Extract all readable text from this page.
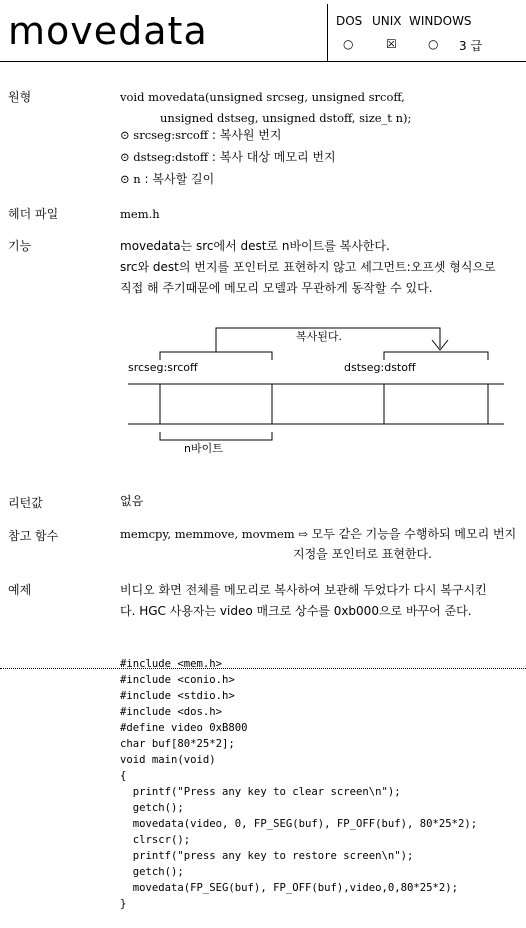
movedata	DOS UNIX WINDOWS
○	☒	○ 3 급
원형	void movedata(unsigned srcseg, unsigned srcoff,
unsigned dstseg, unsigned dstoff, size_t n);
⊙ srcseg:srcoff : 복사원 번지
⊙ dstseg:dstoff : 복사 대상 메모리 번지
⊙ n : 복사할 길이
헤더 파일	mem.h
기능	movedata는 src에서 dest로 n바이트를 복사한다.
src와 dest의 번지를 포인터로 표현하지 않고 세그먼트:오프셋 형식으로
직접 해 주기때문에 메모리 모델과 무관하게 동작할 수 있다.
복사된다.
srcseg:srcoff	dstseg:dstoff
n바이트
리턴값	없음
참고 함수	memcpy, memmove, movmem ⇨ 모두 같은 기능을 수행하되 메모리 번지
지정을 포인터로 표현한다.
예제	비디오 화면 전체를 메모리로 복사하여 보관해 두었다가 다시 복구시킨
다. HGC 사용자는 video 매크로 상수를 0xb000으로 바꾸어 준다.

#include <mem.h>
#include <conio.h>
#include <stdio.h>
#include <dos.h>
#define video 0xB800
char buf[80*25*2];
void main(void)
{
printf("Press any key to clear screen\n");
getch();
movedata(video, 0, FP_SEG(buf), FP_OFF(buf), 80*25*2);
clrscr();
printf("press any key to restore screen\n");
getch();
movedata(FP_SEG(buf), FP_OFF(buf),video,0,80*25*2);
}
